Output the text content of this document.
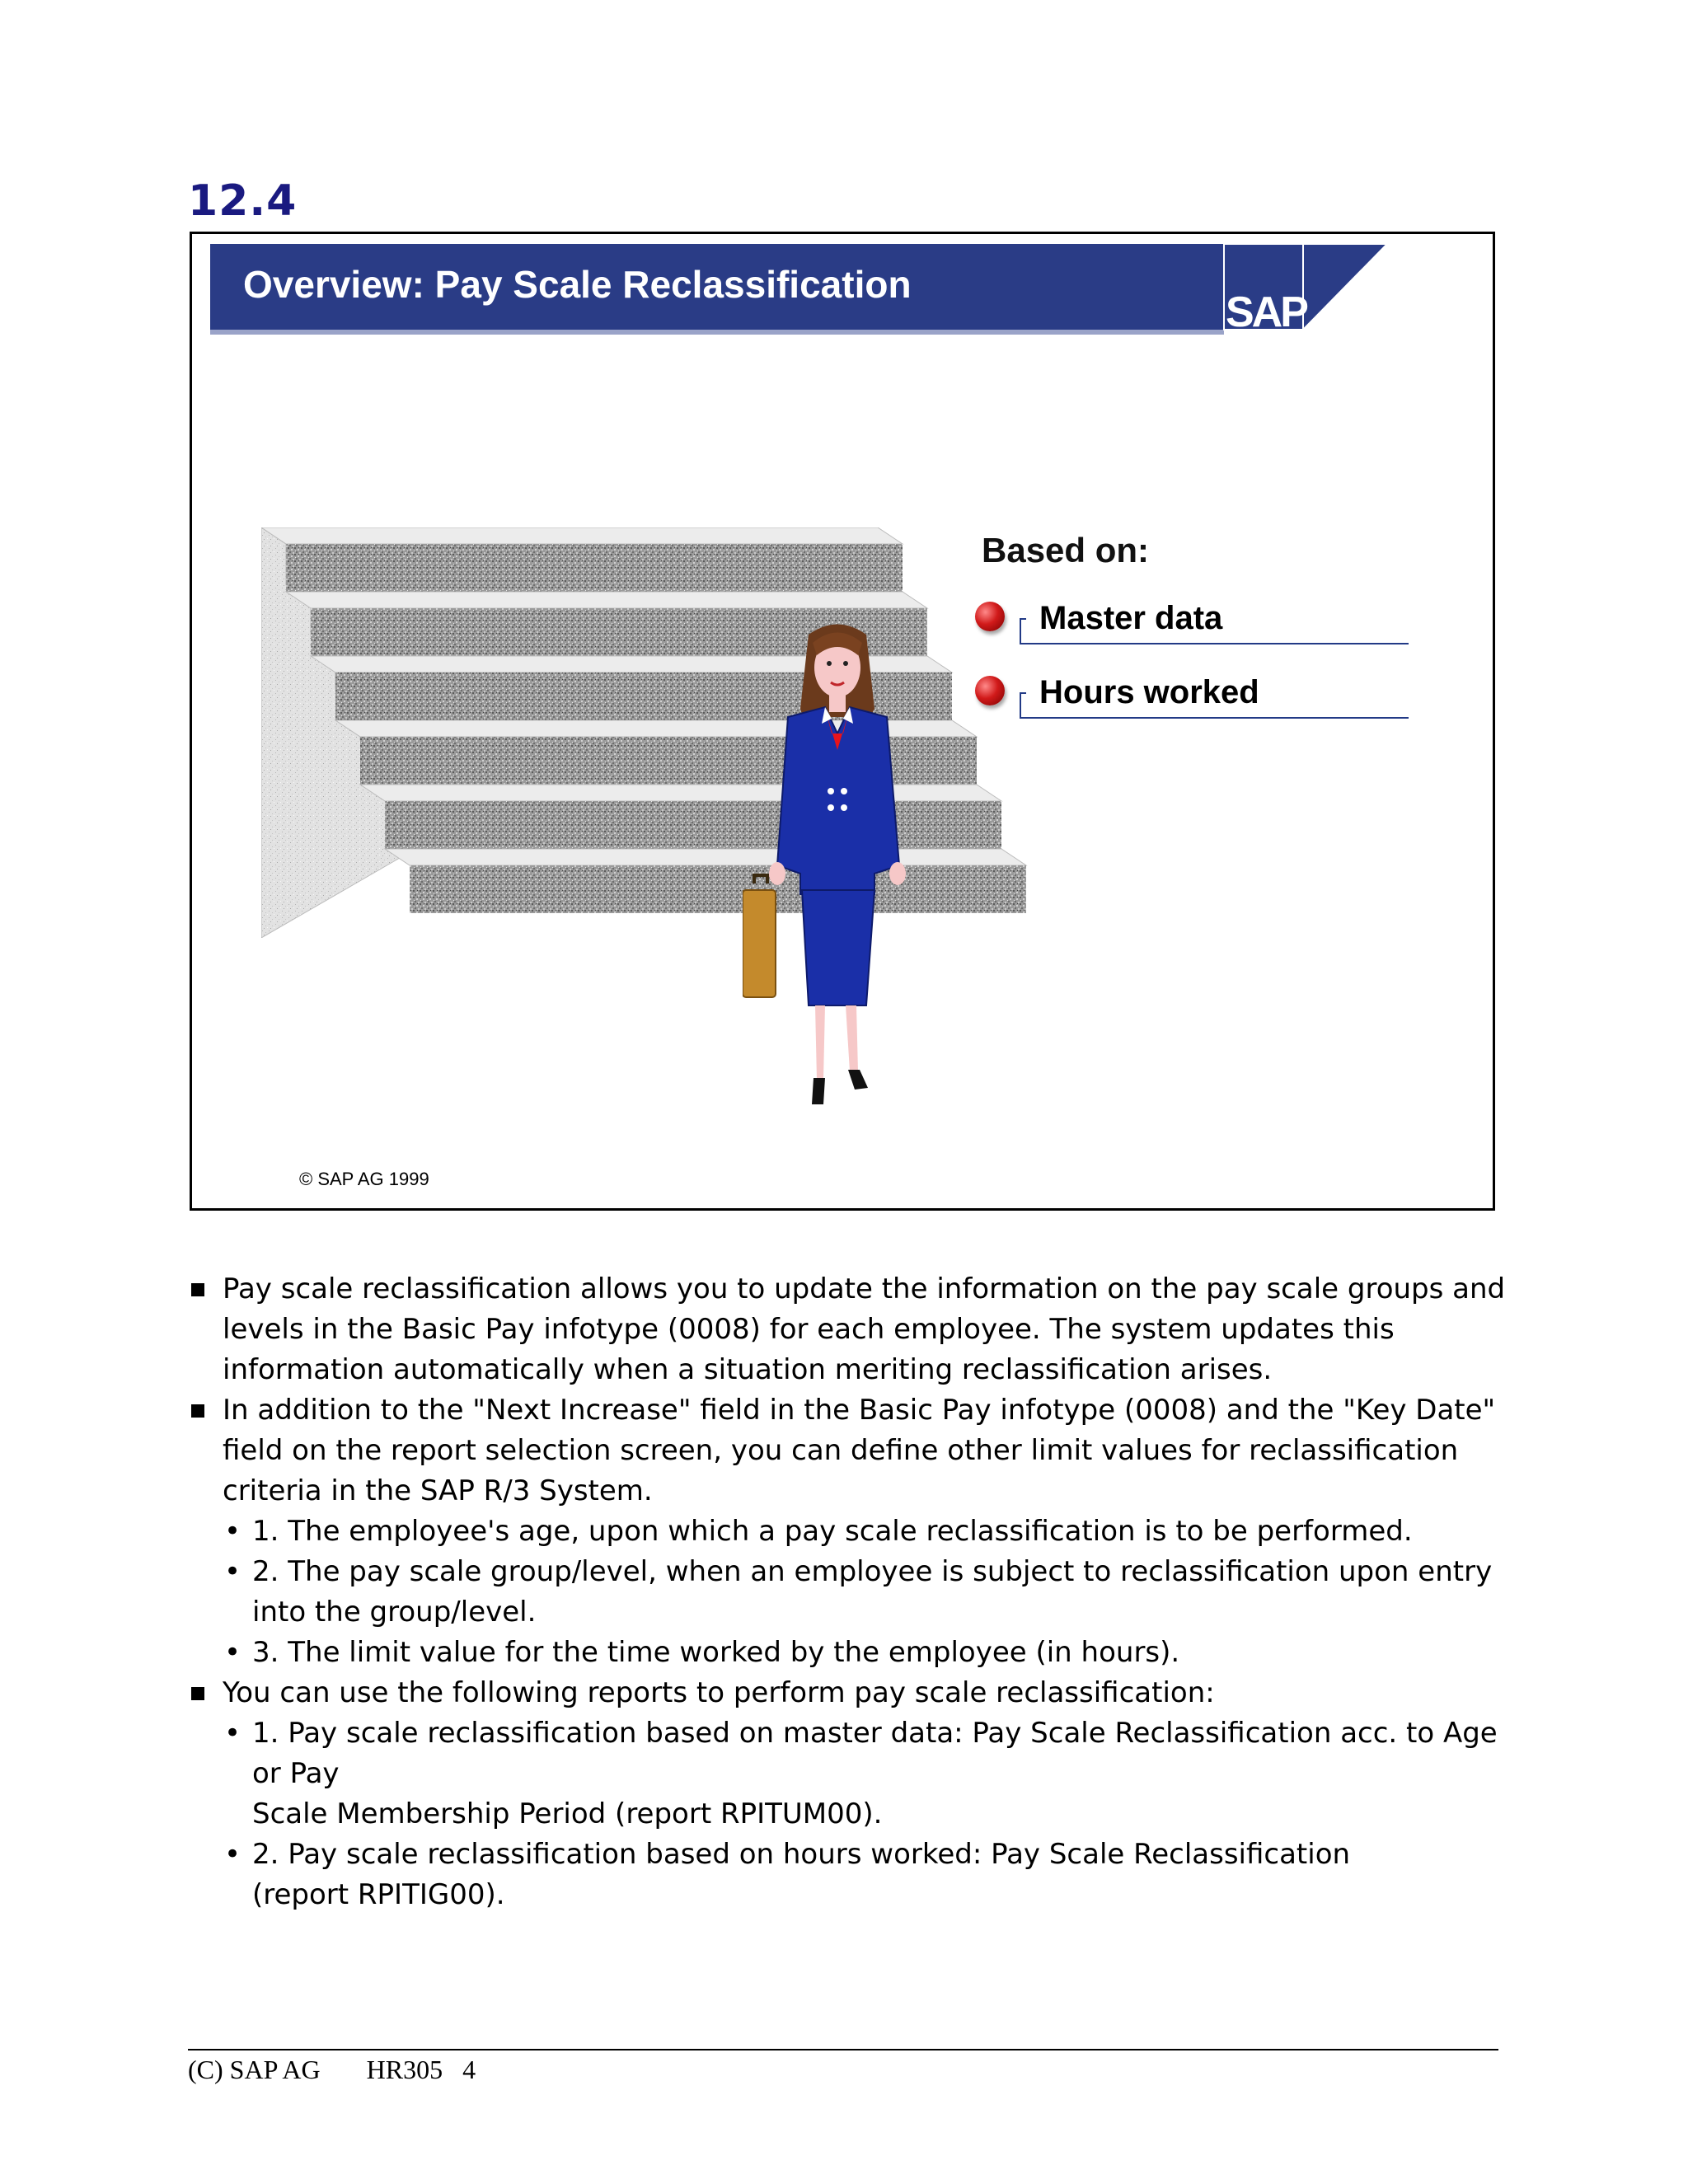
12.4
Overview: Pay Scale Reclassification
SAP
Based on:
Master data
Hours worked
© SAP AG 1999
Pay scale reclassification allows you to update the information on the pay scale groups and levels in the Basic Pay infotype (0008) for each employee. The system updates this information automatically when a situation meriting reclassification arises.
In addition to the "Next Increase" field in the Basic Pay infotype (0008) and the "Key Date" field on the report selection screen, you can define other limit values for reclassification criteria in the SAP R/3 System.
• 1. The employee's age, upon which a pay scale reclassification is to be performed.
• 2. The pay scale group/level, when an employee is subject to reclassification upon entry into the group/level.
• 3. The limit value for the time worked by the employee (in hours).
You can use the following reports to perform pay scale reclassification:
• 1. Pay scale reclassification based on master data: Pay Scale Reclassification acc. to Age or Pay
Scale Membership Period (report RPITUM00).
• 2. Pay scale reclassification based on hours worked: Pay Scale Reclassification
(report RPITIG00).
(C) SAP AG HR305 4
